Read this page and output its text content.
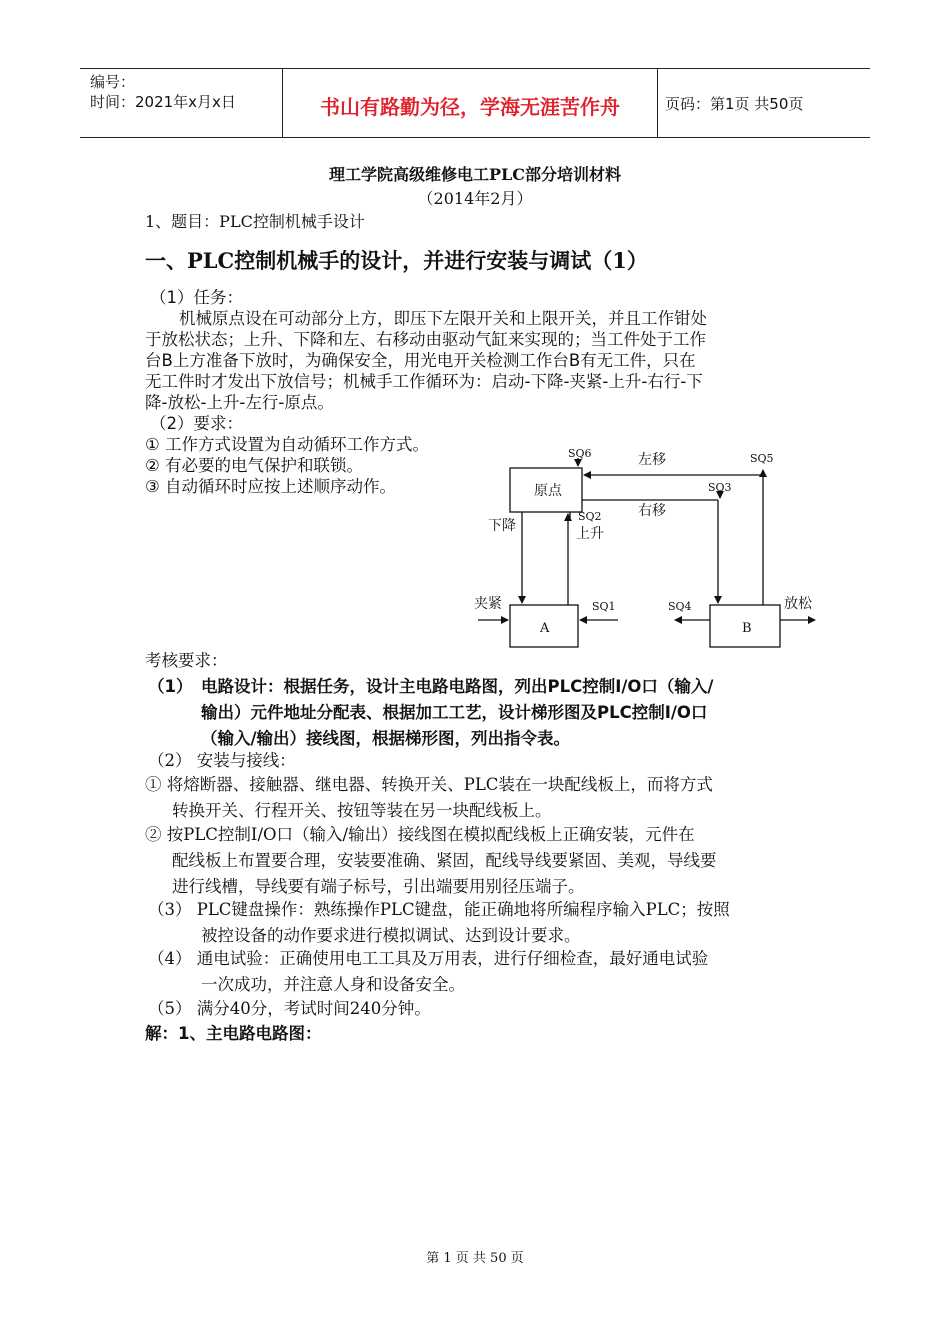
编号：
时间：2021年x月x日	书山有路勤为径，学海无涯苦作舟	页码：第1页 共50页
理工学院高级维修电工PLC部分培训材料
（2014年2月）
1、题目：PLC控制机械手设计
一、PLC控制机械手的设计，并进行安装与调试（1）
（1）任务：
机械原点设在可动部分上方，即压下左限开关和上限开关，并且工作钳处
于放松状态；上升、下降和左、右移动由驱动气缸来实现的；当工件处于工作
台B上方准备下放时，为确保安全，用光电开关检测工作台B有无工件，只在
无工件时才发出下放信号；机械手工作循环为：启动-下降-夹紧-上升-右行-下
降-放松-上升-左行-原点。
（2）要求：
① 工作方式设置为自动循环工作方式。
② 有必要的电气保护和联锁。
③ 自动循环时应按上述顺序动作。	原点
A	B
SQ6	SQ5
SQ3
SQ2
SQ1	SQ4
左移
右移
下降	上升
夹紧	放松
考核要求：
（1） 电路设计：根据任务，设计主电路电路图，列出PLC控制I/O口（输入/
输出）元件地址分配表、根据加工工艺，设计梯形图及PLC控制I/O口
（输入/输出）接线图，根据梯形图，列出指令表。
（2） 安装与接线：
① 将熔断器、接触器、继电器、转换开关、PLC装在一块配线板上，而将方式
转换开关、行程开关、按钮等装在另一块配线板上。
② 按PLC控制I/O口（输入/输出）接线图在模拟配线板上正确安装，元件在
配线板上布置要合理，安装要准确、紧固，配线导线要紧固、美观，导线要
进行线槽，导线要有端子标号，引出端要用别径压端子。
（3） PLC键盘操作：熟练操作PLC键盘，能正确地将所编程序输入PLC；按照
被控设备的动作要求进行模拟调试、达到设计要求。
（4） 通电试验：正确使用电工工具及万用表，进行仔细检查，最好通电试验
一次成功，并注意人身和设备安全。
（5） 满分40分，考试时间240分钟。
解：1、主电路电路图：
第 1 页 共 50 页
